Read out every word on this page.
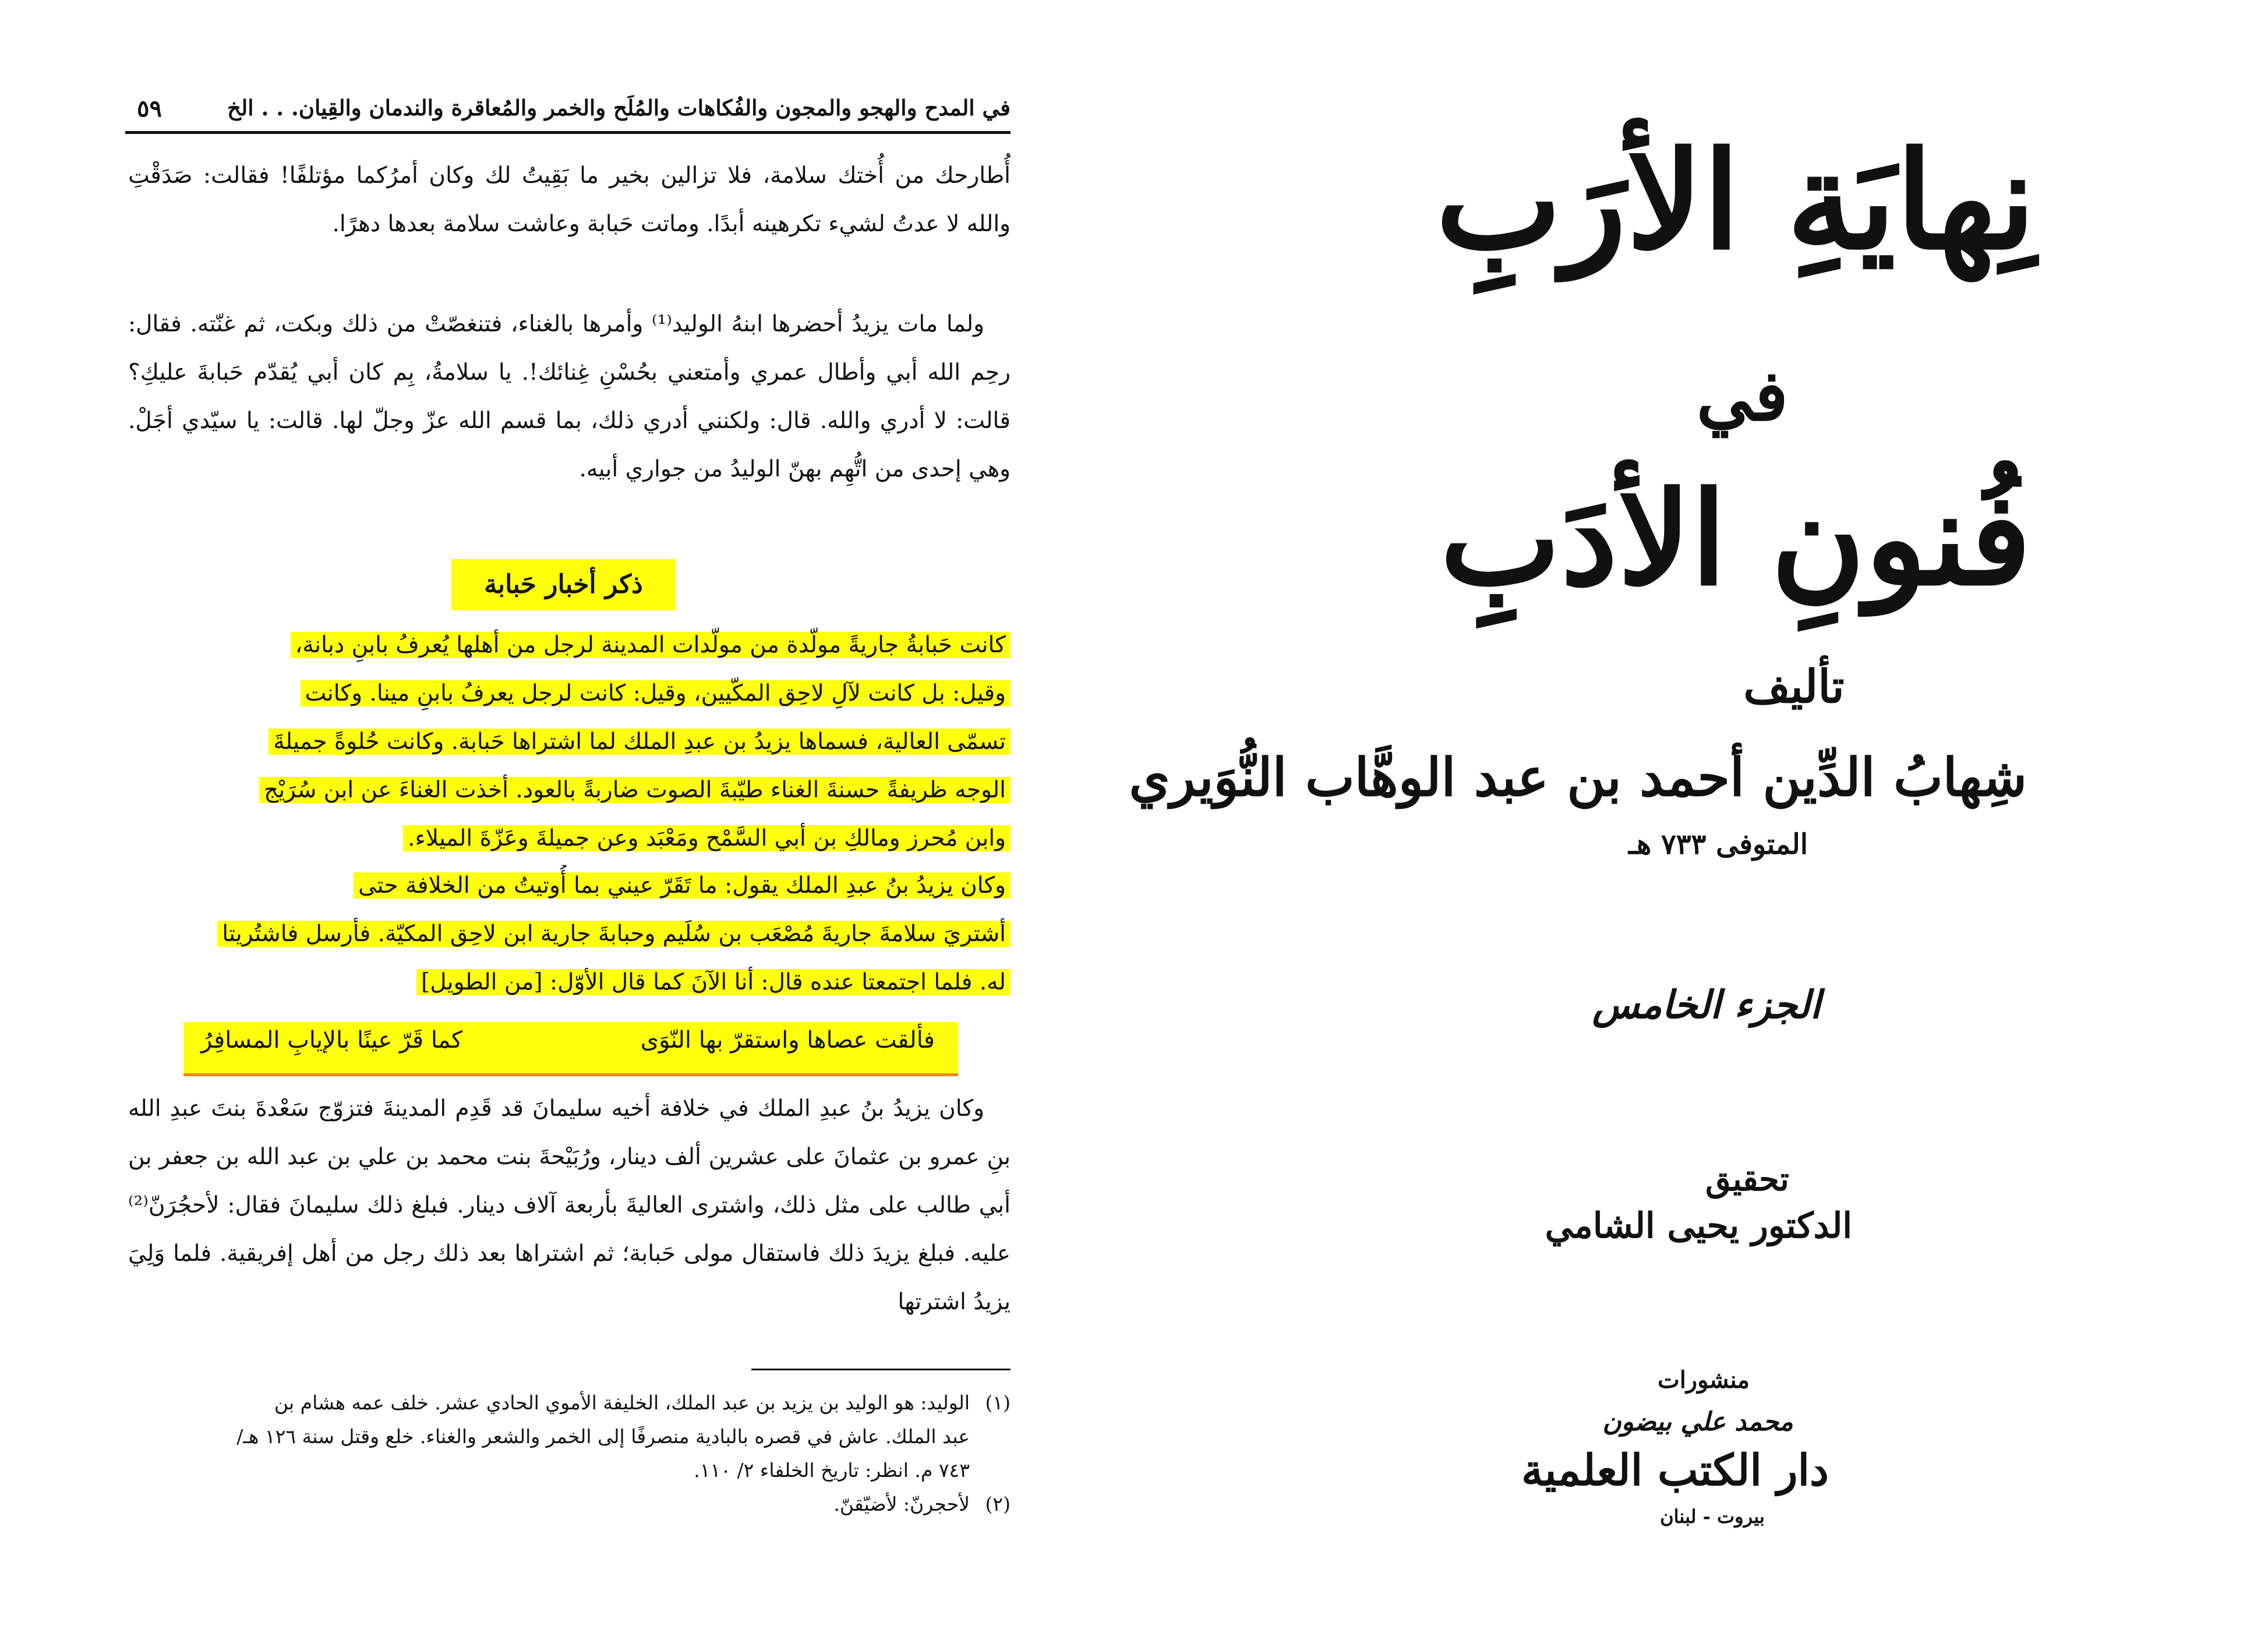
في المدح والهجو والمجون والفُكاهات والمُلَح والخمر والمُعاقرة والندمان والقِيان. . . الخ
٥٩

أُطارحك من أُختك سلامة، فلا تزالين بخير ما بَقِيتُ لك وكان أمرُكما مؤتلفًا! فقالت: صَدَقْتِ والله لا عدتُ لشيء تكرهينه أبدًا. وماتت حَبابة وعاشت سلامة بعدها دهرًا.

ولما مات يزيدُ أحضرها ابنهُ الوليد⁽¹⁾ وأمرها بالغناء، فتنغصّتْ من ذلك وبكت، ثم غنّته. فقال: رحِم الله أبي وأطال عمري وأمتعني بحُسْنِ غِنائك!. يا سلامةُ، بِم كان أبي يُقدّم حَبابةَ عليكِ؟ قالت: لا أدري والله. قال: ولكنني أدري ذلك، بما قسم الله عزّ وجلّ لها. قالت: يا سيّدي أجَلْ. وهي إحدى من اتُّهِم بهنّ الوليدُ من جواري أبيه.

ذكر أخبار حَبابة
كانت حَبابةُ جاريةً مولّدة من مولّدات المدينة لرجل من أهلها يُعرفُ بابنِ دبانة،
وقيل: بل كانت لآلِ لاحِق المكّيين، وقيل: كانت لرجل يعرفُ بابنِ مينا. وكانت
تسمّى العالية، فسماها يزيدُ بن عبدِ الملك لما اشتراها حَبابة. وكانت حُلوةً جميلةَ
الوجه ظريفةً حسنةَ الغناء طيّبةَ الصوت ضاربةً بالعود. أخذت الغناءَ عن ابن سُرَيْج
وابن مُحرز ومالكِ بن أبي السَّمْح ومَعْبَد وعن جميلةَ وعَزّةَ الميلاء.
وكان يزيدُ بنُ عبدِ الملك يقول: ما تَقَرّ عيني بما أُوتيتُ من الخلافة حتى
أشتريَ سلامةَ جاريةَ مُصْعَب بن سُلَيم وحبابةَ جارية ابن لاحِق المكيّة. فأرسل فاشتُريتا
له. فلما اجتمعتا عنده قال: أنا الآنَ كما قال الأوّل: [من الطويل]
فألقت عصاها واستقرّ بها النّوَى
كما قَرّ عينًا بالإيابِ المسافِرُ

وكان يزيدُ بنُ عبدِ الملك في خلافة أخيه سليمانَ قد قَدِم المدينةَ فتزوّج سَعْدةَ بنتَ عبدِ الله بنِ عمرو بن عثمانَ على عشرين ألف دينار، ورُبَيْحةَ بنت محمد بن علي بن عبد الله بن جعفر بن أبي طالب على مثل ذلك، واشترى العاليةَ بأربعة آلاف دينار. فبلغ ذلك سليمانَ فقال: لأحجُرَنّ⁽²⁾ عليه. فبلغ يزيدَ ذلك فاستقال مولى حَبابة؛ ثم اشتراها بعد ذلك رجل من أهل إفريقية. فلما وَلِيَ يزيدُ اشترتها

(١)الوليد: هو الوليد بن يزيد بن عبد الملك، الخليفة الأموي الحادي عشر. خلف عمه هشام بن

عبد الملك. عاش في قصره بالبادية منصرفًا إلى الخمر والشعر والغناء. خلع وقتل سنة ١٢٦ هـ/

٧٤٣ م. انظر: تاريخ الخلفاء ٢/ ١١٠.

(٢)لأحجرنّ: لأضيّقنّ.

نِهايَةِ الأرَبِ
في
فُنونِ الأدَبِ
تأليف
شِهابُ الدِّين أحمد بن عبد الوهَّاب النُّوَيري
المتوفى ٧٣٣ هـ
الجزء الخامس
تحقيق
الدكتور يحيى الشامي
منشورات
محمد علي بيضون
دار الكتب العلمية
بيروت - لبنان
